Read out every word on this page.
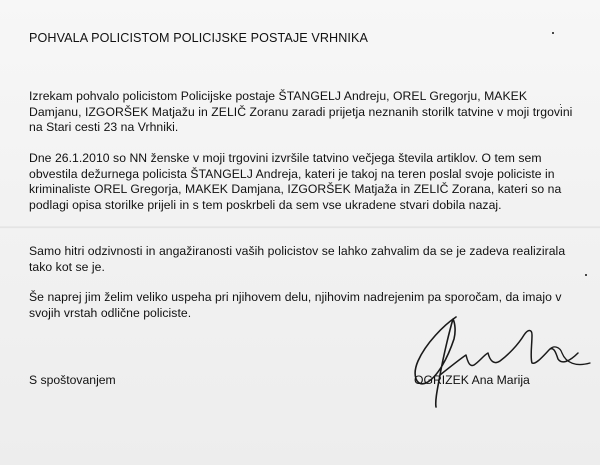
POHVALA POLICISTOM POLICIJSKE POSTAJE VRHNIKA

Izrekam pohvalo policistom Policijske postaje ŠTANGELJ Andreju, OREL Gregorju, MAKEK Damjanu, IZGORŠEK Matjažu in ZELIČ Zoranu zaradi prijetja neznanih storilk tatvine v moji trgovini na Stari cesti 23 na Vrhniki.

Dne 26.1.2010 so NN ženske v moji trgovini izvršile tatvino večjega števila artiklov. O tem sem obvestila dežurnega policista ŠTANGELJ Andreja, kateri je takoj na teren poslal svoje policiste in kriminaliste OREL Gregorja, MAKEK Damjana, IZGORŠEK Matjaža in ZELIČ Zorana, kateri so na podlagi opisa storilke prijeli in s tem poskrbeli da sem vse ukradene stvari dobila nazaj.

Samo hitri odzivnosti in angažiranosti vaših policistov se lahko zahvalim da se je zadeva realizirala tako kot se je.

Še naprej jim želim veliko uspeha pri njihovem delu, njihovim nadrejenim pa sporočam, da imajo v svojih vrstah odlične policiste.

S spoštovanjem	OGRIZEK Ana Marija
